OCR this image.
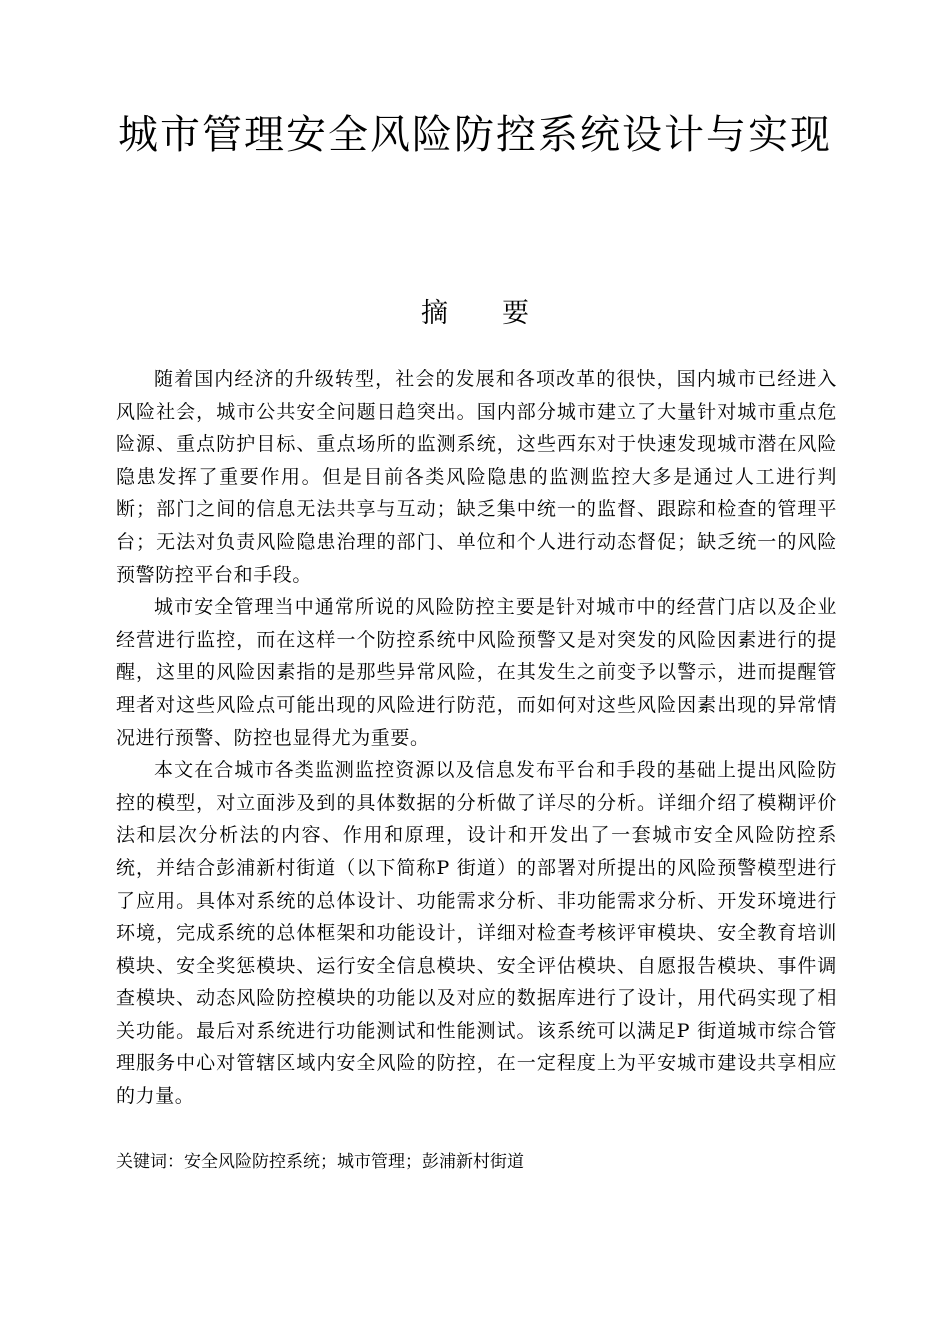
城市管理安全风险防控系统设计与实现
摘 要

随着国内经济的升级转型，社会的发展和各项改革的很快，国内城市已经进入风险社会，城市公共安全问题日趋突出。国内部分城市建立了大量针对城市重点危险源、重点防护目标、重点场所的监测系统，这些西东对于快速发现城市潜在风险隐患发挥了重要作用。但是目前各类风险隐患的监测监控大多是通过人工进行判断；部门之间的信息无法共享与互动；缺乏集中统一的监督、跟踪和检查的管理平台；无法对负责风险隐患治理的部门、单位和个人进行动态督促；缺乏统一的风险预警防控平台和手段。

城市安全管理当中通常所说的风险防控主要是针对城市中的经营门店以及企业经营进行监控，而在这样一个防控系统中风险预警又是对突发的风险因素进行的提醒，这里的风险因素指的是那些异常风险，在其发生之前变予以警示，进而提醒管理者对这些风险点可能出现的风险进行防范，而如何对这些风险因素出现的异常情况进行预警、防控也显得尤为重要。

本文在合城市各类监测监控资源以及信息发布平台和手段的基础上提出风险防控的模型，对立面涉及到的具体数据的分析做了详尽的分析。详细介绍了模糊评价法和层次分析法的内容、作用和原理，设计和开发出了一套城市安全风险防控系统，并结合彭浦新村街道（以下简称P 街道）的部署对所提出的风险预警模型进行了应用。具体对系统的总体设计、功能需求分析、非功能需求分析、开发环境进行环境，完成系统的总体框架和功能设计，详细对检查考核评审模块、安全教育培训模块、安全奖惩模块、运行安全信息模块、安全评估模块、自愿报告模块、事件调查模块、动态风险防控模块的功能以及对应的数据库进行了设计，用代码实现了相关功能。最后对系统进行功能测试和性能测试。该系统可以满足P 街道城市综合管理服务中心对管辖区域内安全风险的防控，在一定程度上为平安城市建设共享相应的力量。

关键词：安全风险防控系统；城市管理；彭浦新村街道
